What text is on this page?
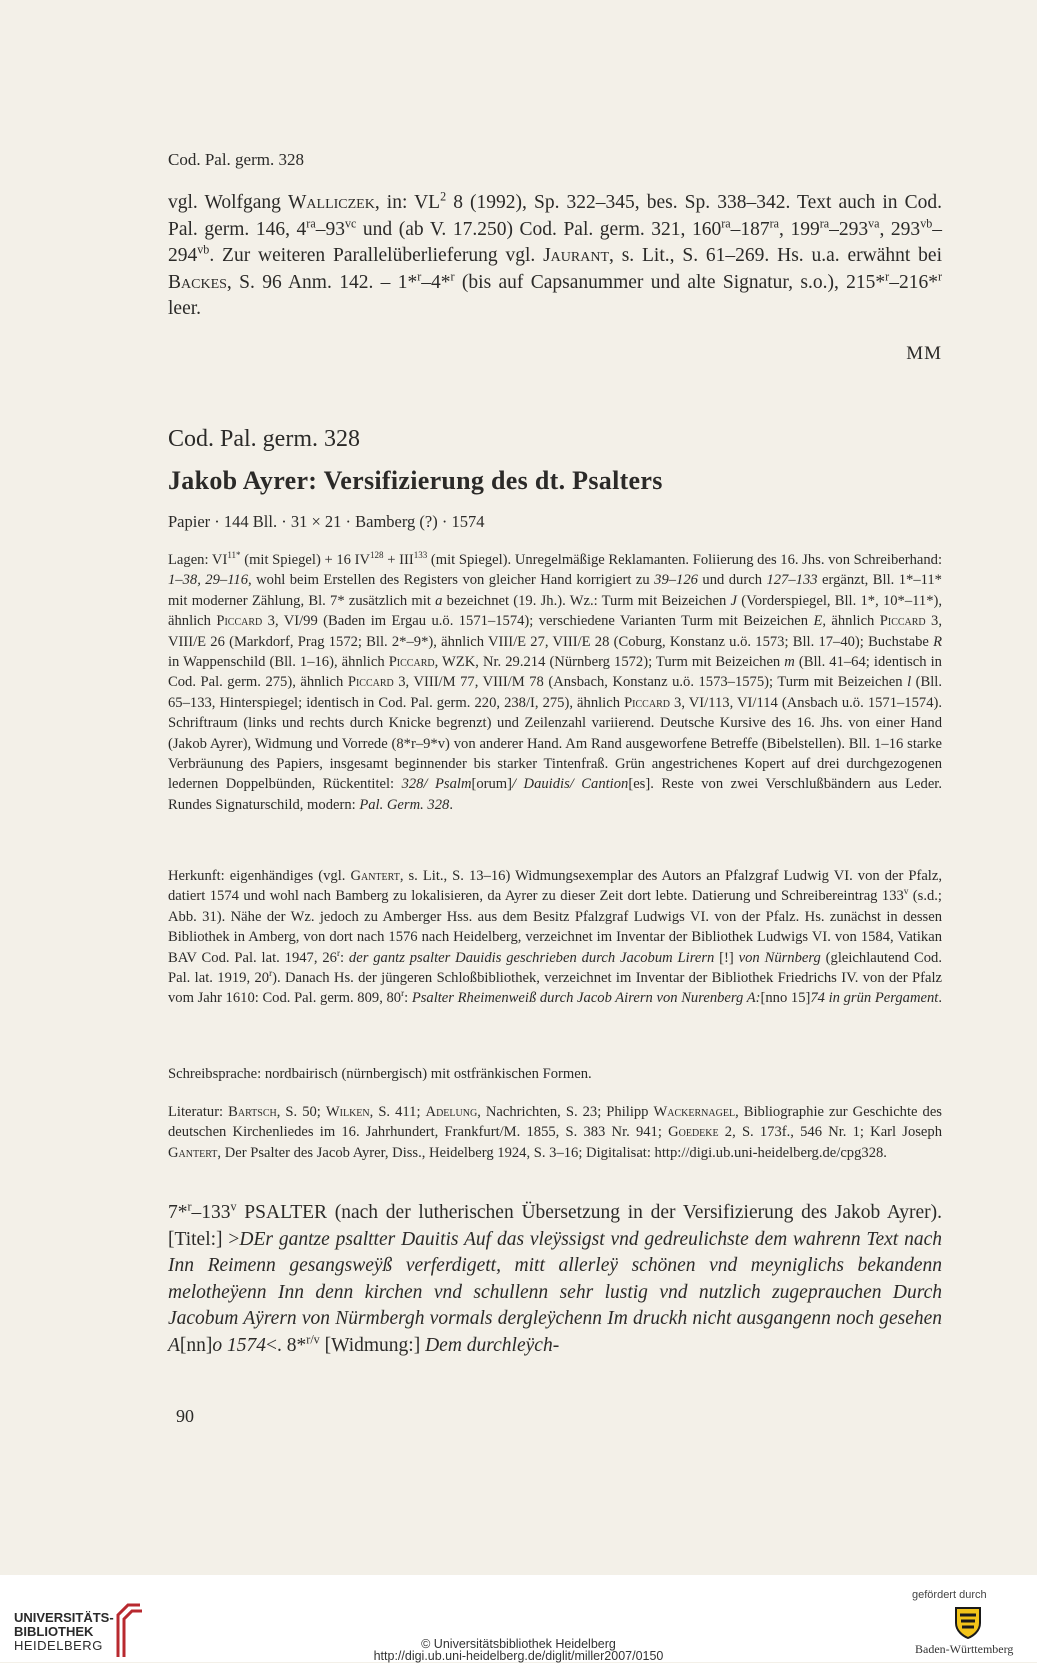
Cod. Pal. germ. 328
vgl. Wolfgang Walliczek, in: $VL^2$ 8 (1992), Sp. 322–345, bes. Sp. 338–342. Text auch in Cod. Pal. germ. 146, $4^{ra}-93^{vc}$ und (ab V. 17.250) Cod. Pal. germ. 321, $160^{ra}-187^{ra}$, $199^{ra}-293^{va}$, $293^{vb}-294^{vb}$. Zur weiteren Parallelüberlieferung vgl. Jaurant, s. Lit., S. 61–269. Hs. u.a. erwähnt bei Backes, S. 96 Anm. 142. – 1*$^r$–4*$^r$ (bis auf Capsanummer und alte Signatur, s.o.), 215*$^r$–216*$^r$ leer.
MM
Cod. Pal. germ. 328
Jakob Ayrer: Versifizierung des dt. Psalters
Papier · 144 Bll. · 31 × 21 · Bamberg (?) · 1574
Lagen: $VI^{11*}$ (mit Spiegel) + 16 $IV^{128} + III^{133}$ (mit Spiegel). Unregelmäßige Reklamanten. Foliierung des 16. Jhs. von Schreiberhand: 1–38, 29–116, wohl beim Erstellen des Registers von gleicher Hand korrigiert zu 39–126 und durch 127–133 ergänzt, Bll. 1*–11* mit moderner Zählung, Bl. 7* zusätzlich mit a bezeichnet (19. Jh.). Wz.: Turm mit Beizeichen J (Vorderspiegel, Bll. 1*, 10*–11*), ähnlich Piccard 3, VI/99 (Baden im Ergau u.ö. 1571–1574); verschiedene Varianten Turm mit Beizeichen E, ähnlich Piccard 3, VIII/E 26 (Markdorf, Prag 1572; Bll. 2*–9*), ähnlich VIII/E 27, VIII/E 28 (Coburg, Konstanz u.ö. 1573; Bll. 17–40); Buchstabe R in Wappenschild (Bll. 1–16), ähnlich Piccard, WZK, Nr. 29.214 (Nürnberg 1572); Turm mit Beizeichen m (Bll. 41–64; identisch in Cod. Pal. germ. 275), ähnlich Piccard 3, VIII/M 77, VIII/M 78 (Ansbach, Konstanz u.ö. 1573–1575); Turm mit Beizeichen l (Bll. 65–133, Hinterspiegel; identisch in Cod. Pal. germ. 220, 238/I, 275), ähnlich Piccard 3, VI/113, VI/114 (Ansbach u.ö. 1571–1574). Schriftraum (links und rechts durch Knicke begrenzt) und Zeilenzahl variierend. Deutsche Kursive des 16. Jhs. von einer Hand (Jakob Ayrer), Widmung und Vorrede (8*r–9*v) von anderer Hand. Am Rand ausgeworfene Betreffe (Bibelstellen). Bll. 1–16 starke Verbräunung des Papiers, insgesamt beginnender bis starker Tintenfraß. Grün angestrichenes Kopert auf drei durchgezogenen ledernen Doppelbünden, Rückentitel: 328/ Psalm[orum]/ Dauidis/ Cantion[es]. Reste von zwei Verschlußbändern aus Leder. Rundes Signaturschild, modern: Pal. Germ. 328.
Herkunft: eigenhändiges (vgl. Gantert, s. Lit., S. 13–16) Widmungsexemplar des Autors an Pfalzgraf Ludwig VI. von der Pfalz, datiert 1574 und wohl nach Bamberg zu lokalisieren, da Ayrer zu dieser Zeit dort lebte. Datierung und Schreibereintrag 133$^v$ (s.d.; Abb. 31). Nähe der Wz. jedoch zu Amberger Hss. aus dem Besitz Pfalzgraf Ludwigs VI. von der Pfalz. Hs. zunächst in dessen Bibliothek in Amberg, von dort nach 1576 nach Heidelberg, verzeichnet im Inventar der Bibliothek Ludwigs VI. von 1584, Vatikan BAV Cod. Pal. lat. 1947, 26$^r$: der gantz psalter Dauidis geschrieben durch Jacobum Lirern [!] von Nürnberg (gleichlautend Cod. Pal. lat. 1919, 20$^r$). Danach Hs. der jüngeren Schloßbibliothek, verzeichnet im Inventar der Bibliothek Friedrichs IV. von der Pfalz vom Jahr 1610: Cod. Pal. germ. 809, 80$^r$: Psalter Rheimenweiß durch Jacob Airern von Nurenberg A:[nno 15]74 in grün Pergament.
Schreibsprache: nordbairisch (nürnbergisch) mit ostfränkischen Formen.
Literatur: Bartsch, S. 50; Wilken, S. 411; Adelung, Nachrichten, S. 23; Philipp Wackernagel, Bibliographie zur Geschichte des deutschen Kirchenliedes im 16. Jahrhundert, Frankfurt/M. 1855, S. 383 Nr. 941; Goedeke 2, S. 173f., 546 Nr. 1; Karl Joseph Gantert, Der Psalter des Jacob Ayrer, Diss., Heidelberg 1924, S. 3–16; Digitalisat: http://digi.ub.uni-heidelberg.de/cpg328.
7*$^r$–133$^v$ PSALTER (nach der lutherischen Übersetzung in der Versifizierung des Jakob Ayrer). [Titel:] >DEr gantze psaltter Dauitis Auf das vleÿssigst vnd gedreulichste dem wahrenn Text nach Inn Reimenn gesangsweÿß verferdigett, mitt allerleÿ schönen vnd meyniglichs bekandenn melotheÿenn Inn denn kirchen vnd schullenn sehr lustig vnd nutzlich zugeprauchen Durch Jacobum Aÿrern von Nürmbergh vormals dergleÿchenn Im druckh nicht ausgangenn noch gesehen A[nn]o 1574<. 8*$^{r/v}$ [Widmung:] Dem durchleÿch-
90
UNIVERSITÄTS-
BIBLIOTHEK
HEIDELBERG	© Universitätsbibliothek Heidelberg
http://digi.ub.uni-heidelberg.de/diglit/miller2007/0150
gefördert durch
Baden-Württemberg
